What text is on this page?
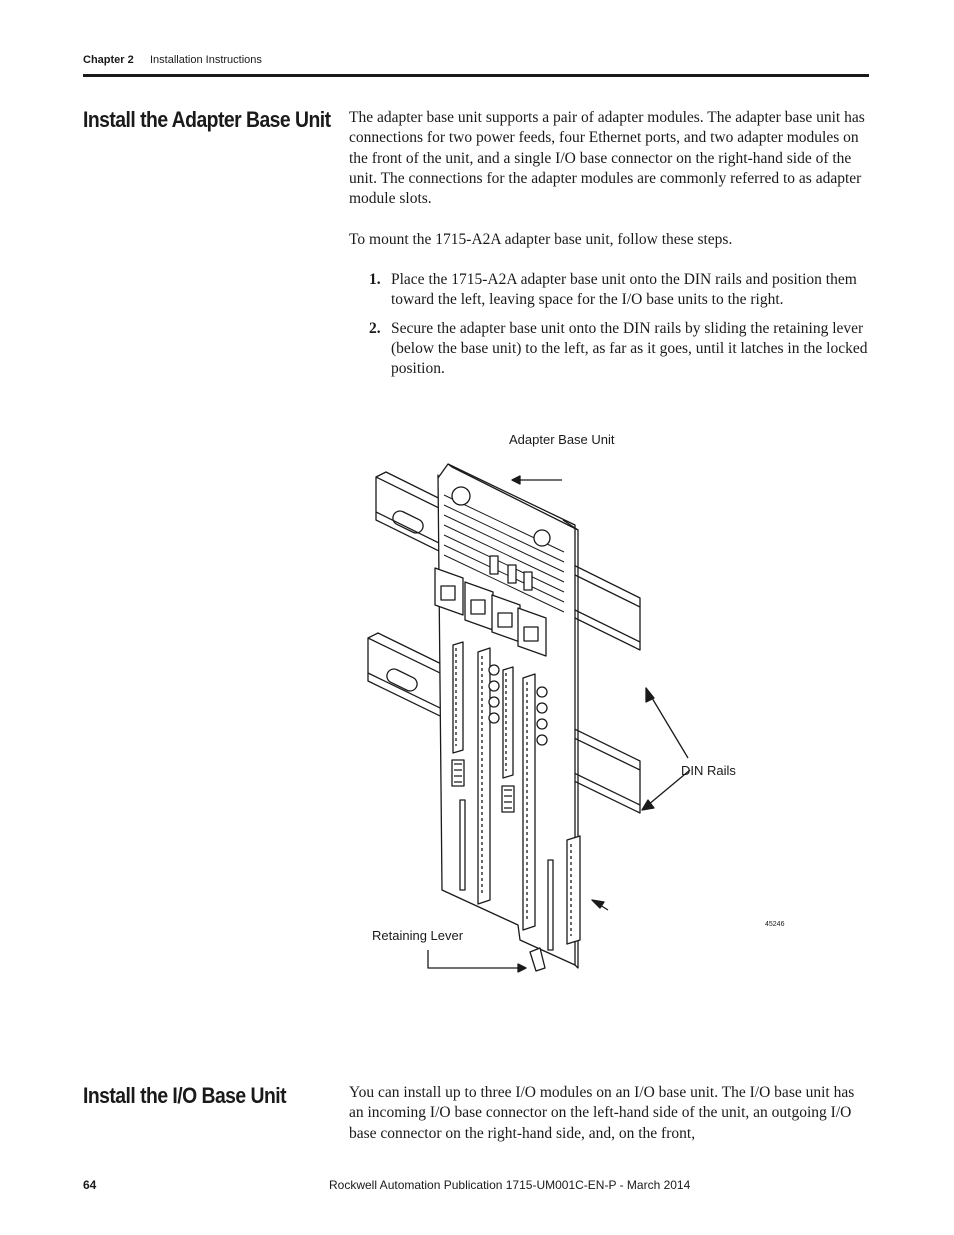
Chapter 2 Installation Instructions
Install the Adapter Base Unit The adapter base unit supports a pair of adapter modules. The adapter base unit has connections for two power feeds, four Ethernet ports, and two adapter modules on the front of the unit, and a single I/O base connector on the right-hand side of the unit. The connections for the adapter modules are commonly referred to as adapter module slots.

To mount the 1715-A2A adapter base unit, follow these steps.

1. Place the 1715-A2A adapter base unit onto the DIN rails and position them toward the left, leaving space for the I/O base units to the right.
2. Secure the adapter base unit onto the DIN rails by sliding the retaining lever (below the base unit) to the left, as far as it goes, until it latches in the locked position.
Adapter Base Unit
DIN Rails
Retaining Lever
45246
Install the I/O Base Unit	You can install up to three I/O modules on an I/O base unit. The I/O base unit has an incoming I/O base connector on the left-hand side of the unit, an outgoing I/O base connector on the right-hand side, and, on the front,

64	Rockwell Automation Publication 1715-UM001C-EN-P - March 2014
